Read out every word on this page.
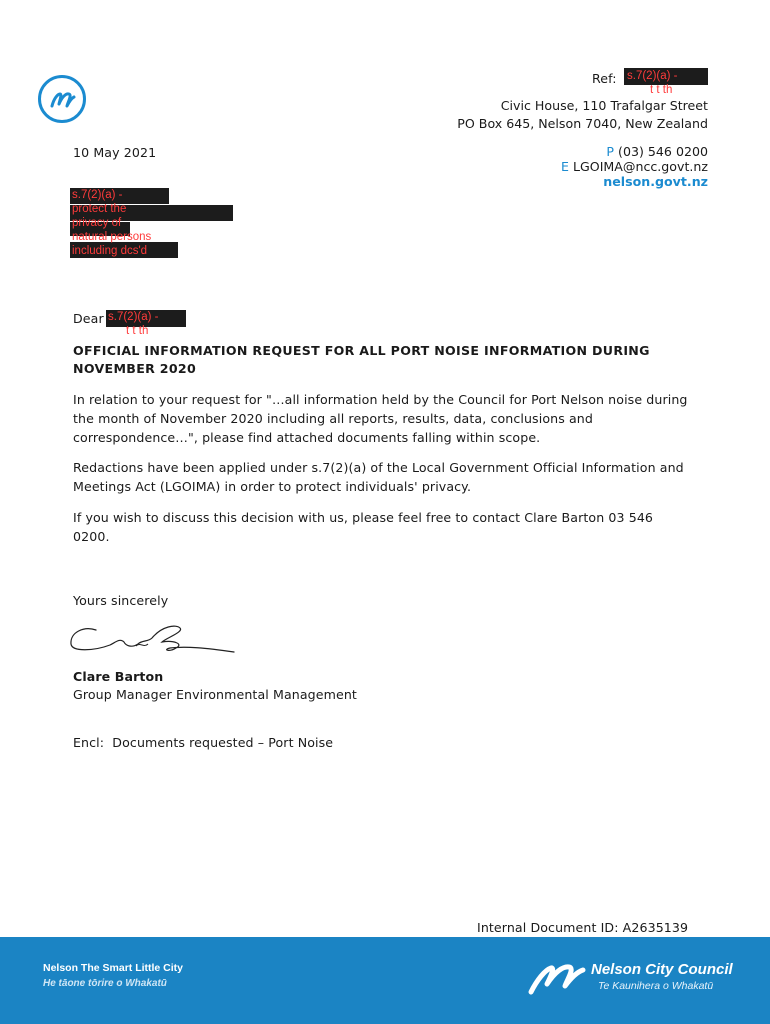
Ref: s.7(2)(a) -
t t th
Civic House, 110 Trafalgar Street
PO Box 645, Nelson 7040, New Zealand
P (03) 546 0200
E LGOIMA@ncc.govt.nz
nelson.govt.nz
10 May 2021
s.7(2)(a) -
protect the
privacy of
natural persons
including dcs'd
Dear s.7(2)(a) -
t t th
OFFICIAL INFORMATION REQUEST FOR ALL PORT NOISE INFORMATION DURING NOVEMBER 2020
In relation to your request for "…all information held by the Council for Port Nelson noise during the month of November 2020 including all reports, results, data, conclusions and correspondence…", please find attached documents falling within scope.
Redactions have been applied under s.7(2)(a) of the Local Government Official Information and Meetings Act (LGOIMA) in order to protect individuals' privacy.
If you wish to discuss this decision with us, please feel free to contact Clare Barton 03 546 0200.
Yours sincerely
Clare Barton
Group Manager Environmental Management
Encl:  Documents requested – Port Noise
Internal Document ID: A2635139
Nelson The Smart Little City
He tāone tōrire o Whakatū
Nelson City Council
Te Kaunihera o Whakatū
